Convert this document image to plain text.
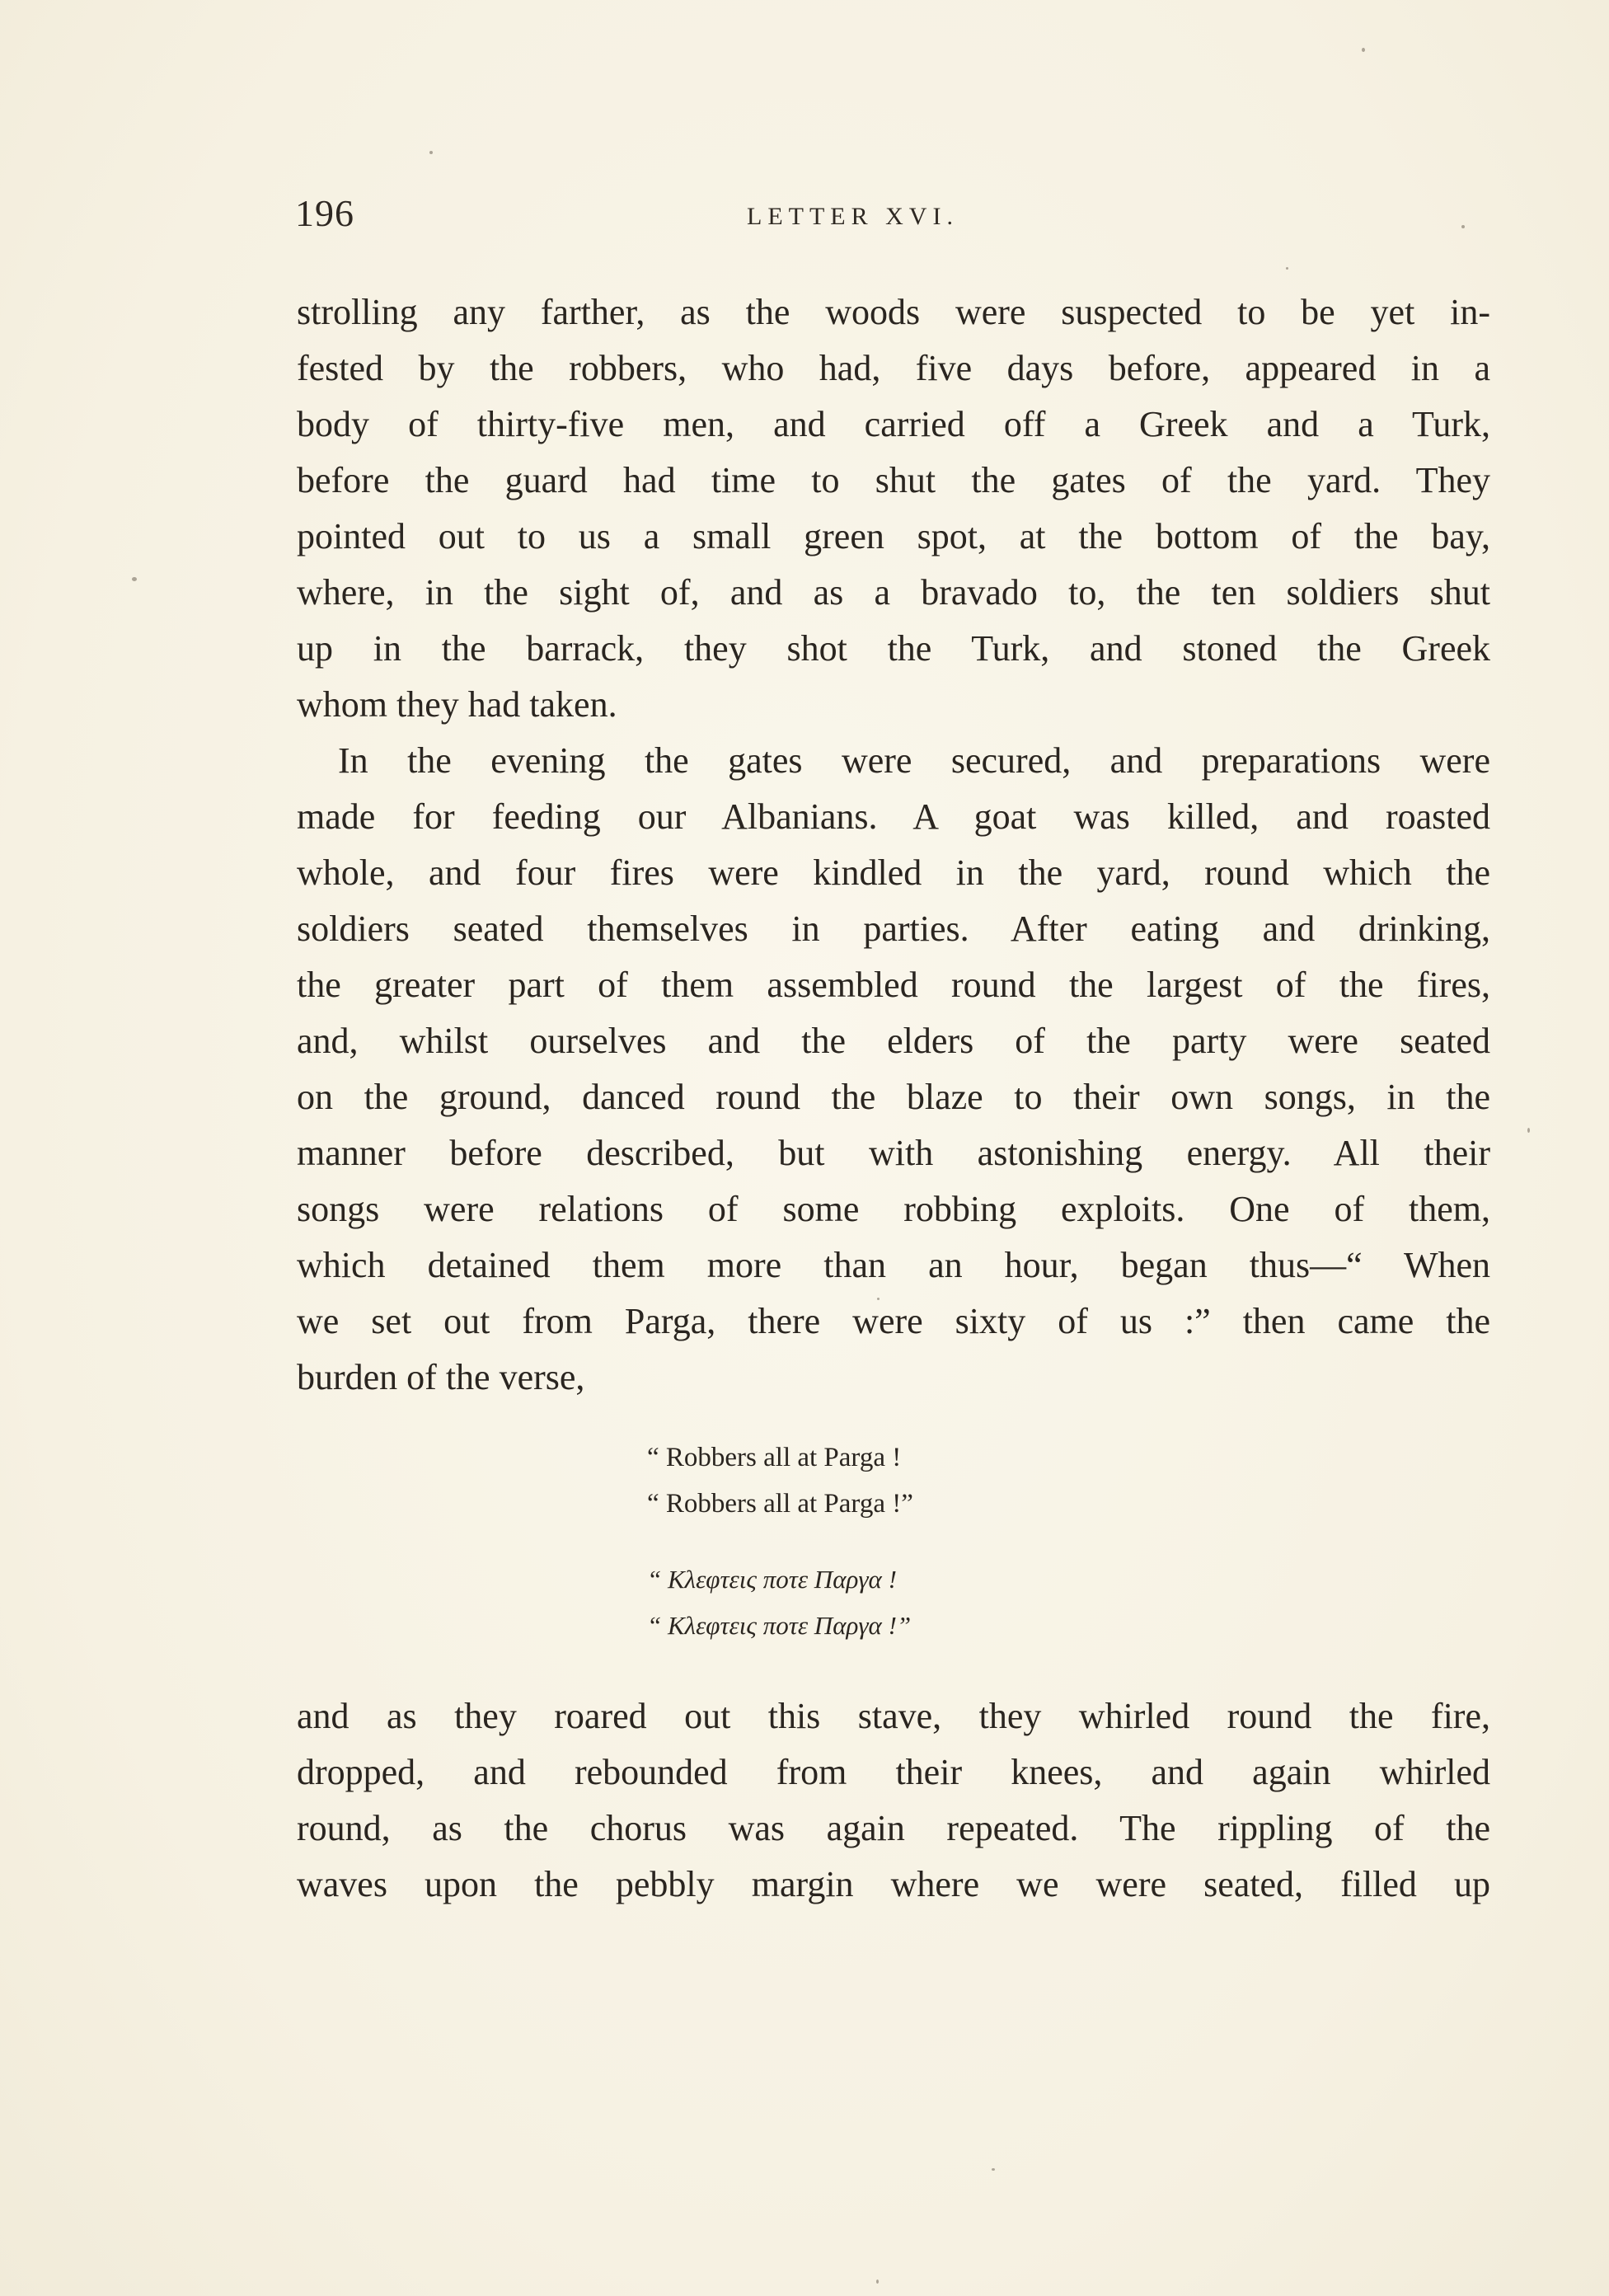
196	LETTER XVI.
strolling any farther, as the woods were suspected to be yet in-
fested by the robbers, who had, five days before, appeared in a
body of thirty-five men, and carried off a Greek and a Turk,
before the guard had time to shut the gates of the yard. They
pointed out to us a small green spot, at the bottom of the bay,
where, in the sight of, and as a bravado to, the ten soldiers shut
up in the barrack, they shot the Turk, and stoned the Greek
whom they had taken.
In the evening the gates were secured, and preparations were
made for feeding our Albanians. A goat was killed, and roasted
whole, and four fires were kindled in the yard, round which the
soldiers seated themselves in parties. After eating and drinking,
the greater part of them assembled round the largest of the fires,
and, whilst ourselves and the elders of the party were seated
on the ground, danced round the blaze to their own songs, in the
manner before described, but with astonishing energy. All their
songs were relations of some robbing exploits. One of them,
which detained them more than an hour, began thus—“ When
we set out from Parga, there were sixty of us :” then came the
burden of the verse,
“ Robbers all at Parga !
“ Robbers all at Parga !”
“ Κλεφτεις ποτε Παργα !
“ Κλεφτεις ποτε Παργα !”
and as they roared out this stave, they whirled round the fire,
dropped, and rebounded from their knees, and again whirled
round, as the chorus was again repeated. The rippling of the
waves upon the pebbly margin where we were seated, filled up
